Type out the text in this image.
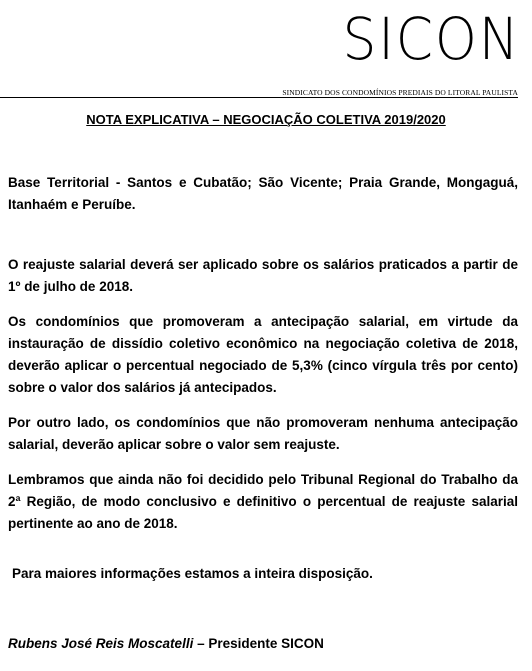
SICON
SINDICATO DOS CONDOMÍNIOS PREDIAIS DO LITORAL PAULISTA
NOTA EXPLICATIVA – NEGOCIAÇÃO COLETIVA 2019/2020

Base Territorial - Santos e Cubatão; São Vicente; Praia Grande, Mongaguá, Itanhaém e Peruíbe.

O reajuste salarial deverá ser aplicado sobre os salários praticados a partir de 1º de julho de 2018.

Os condomínios que promoveram a antecipação salarial, em virtude da instauração de dissídio coletivo econômico na negociação coletiva de 2018, deverão aplicar o percentual negociado de 5,3% (cinco vírgula três por cento) sobre o valor dos salários já antecipados.

Por outro lado, os condomínios que não promoveram nenhuma antecipação salarial, deverão aplicar sobre o valor sem reajuste.

Lembramos que ainda não foi decidido pelo Tribunal Regional do Trabalho da 2ª Região, de modo conclusivo e definitivo o percentual de reajuste salarial pertinente ao ano de 2018.

Para maiores informações estamos a inteira disposição.

Rubens José Reis Moscatelli – Presidente SICON
